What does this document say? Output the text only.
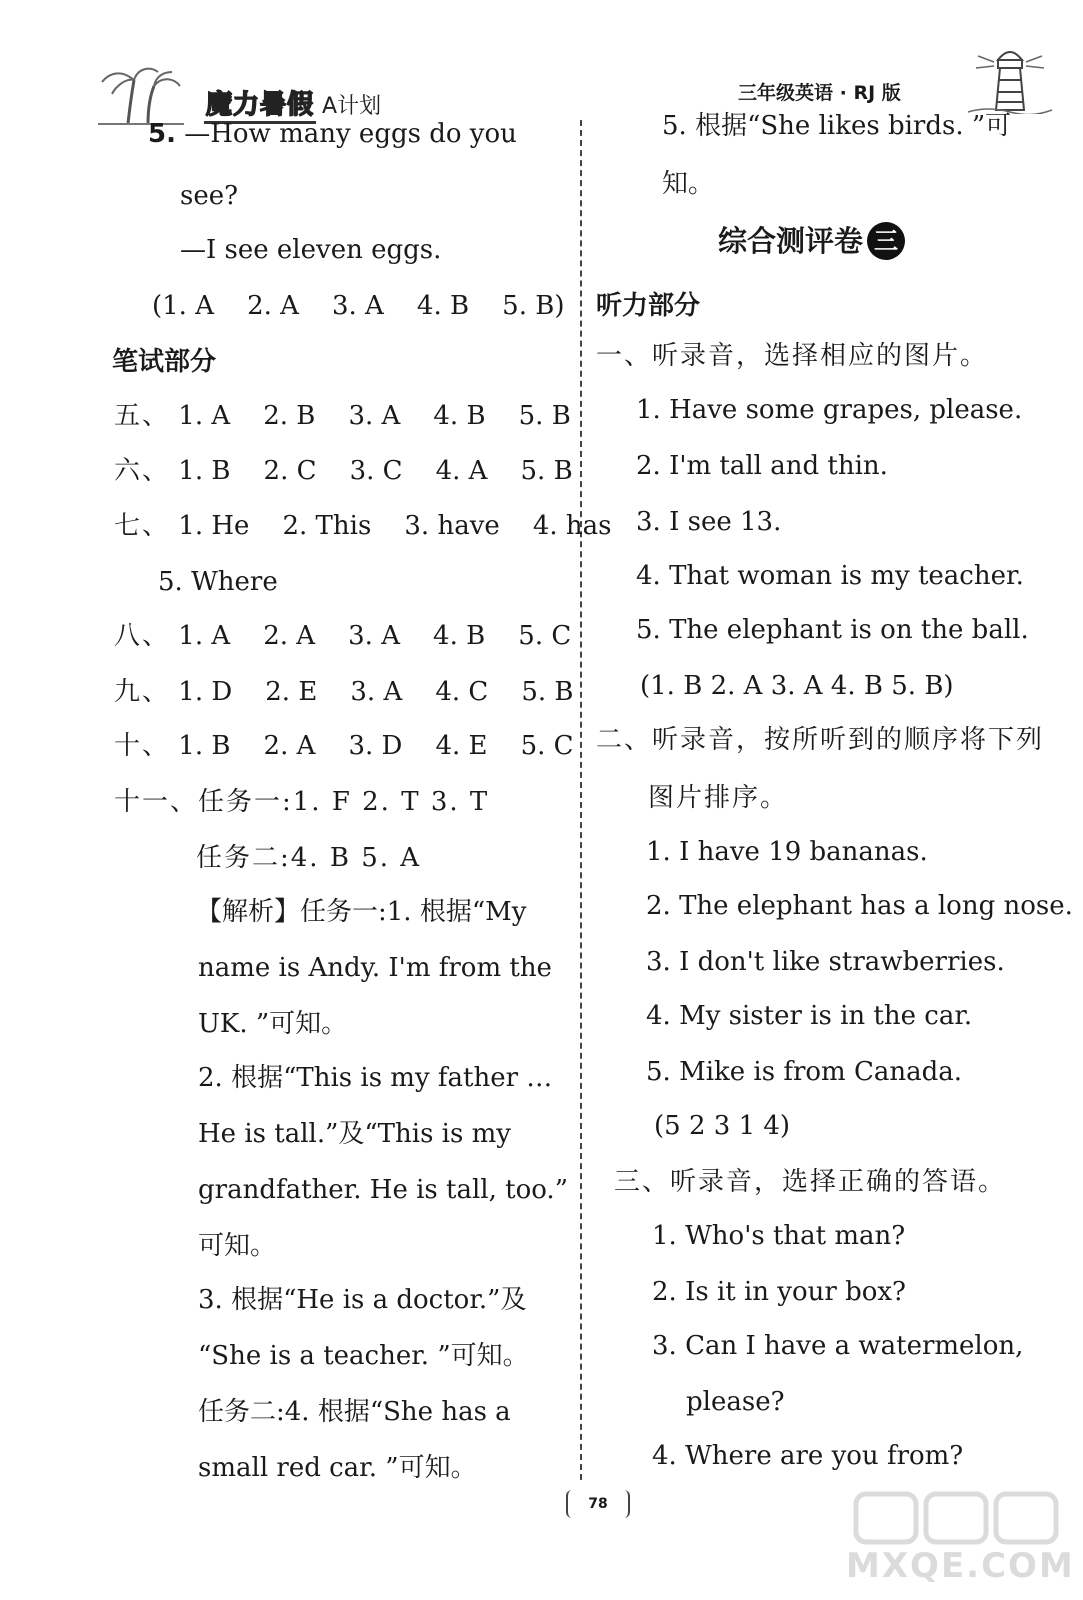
魔力暑假 A计划
三年级英语 · RJ 版
5. —How many eggs do you
see?
—I see eleven eggs.
(1. A 2. A 3. A 4. B 5. B)
笔试部分
五、 1. A 2. B 3. A 4. B 5. B
六、 1. B 2. C 3. C 4. A 5. B
七、 1. He 2. This 3. have 4. has
5. Where
八、 1. A 2. A 3. A 4. B 5. C
九、 1. D 2. E 3. A 4. C 5. B
十、 1. B 2. A 3. D 4. E 5. C
十一、任务一:1. F 2. T 3. T
任务二:4. B 5. A
【解析】任务一:1. 根据“My
name is Andy. I'm from the
UK. ”可知。
2. 根据“This is my father …
He is tall.”及“This is my
grandfather. He is tall, too.”
可知。
3. 根据“He is a doctor.”及
“She is a teacher. ”可知。
任务二:4. 根据“She has a
small red car. ”可知。
5. 根据“She likes birds. ”可
知。
综合测评卷 三
听力部分
一、听录音，选择相应的图片。
1. Have some grapes, please.
2. I'm tall and thin.
3. I see 13.
4. That woman is my teacher.
5. The elephant is on the ball.
(1. B 2. A 3. A 4. B 5. B)
二、听录音，按所听到的顺序将下列
图片排序。
1. I have 19 bananas.
2. The elephant has a long nose.
3. I don't like strawberries.
4. My sister is in the car.
5. Mike is from Canada.
(5 2 3 1 4)
三、听录音，选择正确的答语。
1. Who's that man?
2. Is it in your box?
3. Can I have a watermelon,
please?
4. Where are you from?
78
MXQE.COM
